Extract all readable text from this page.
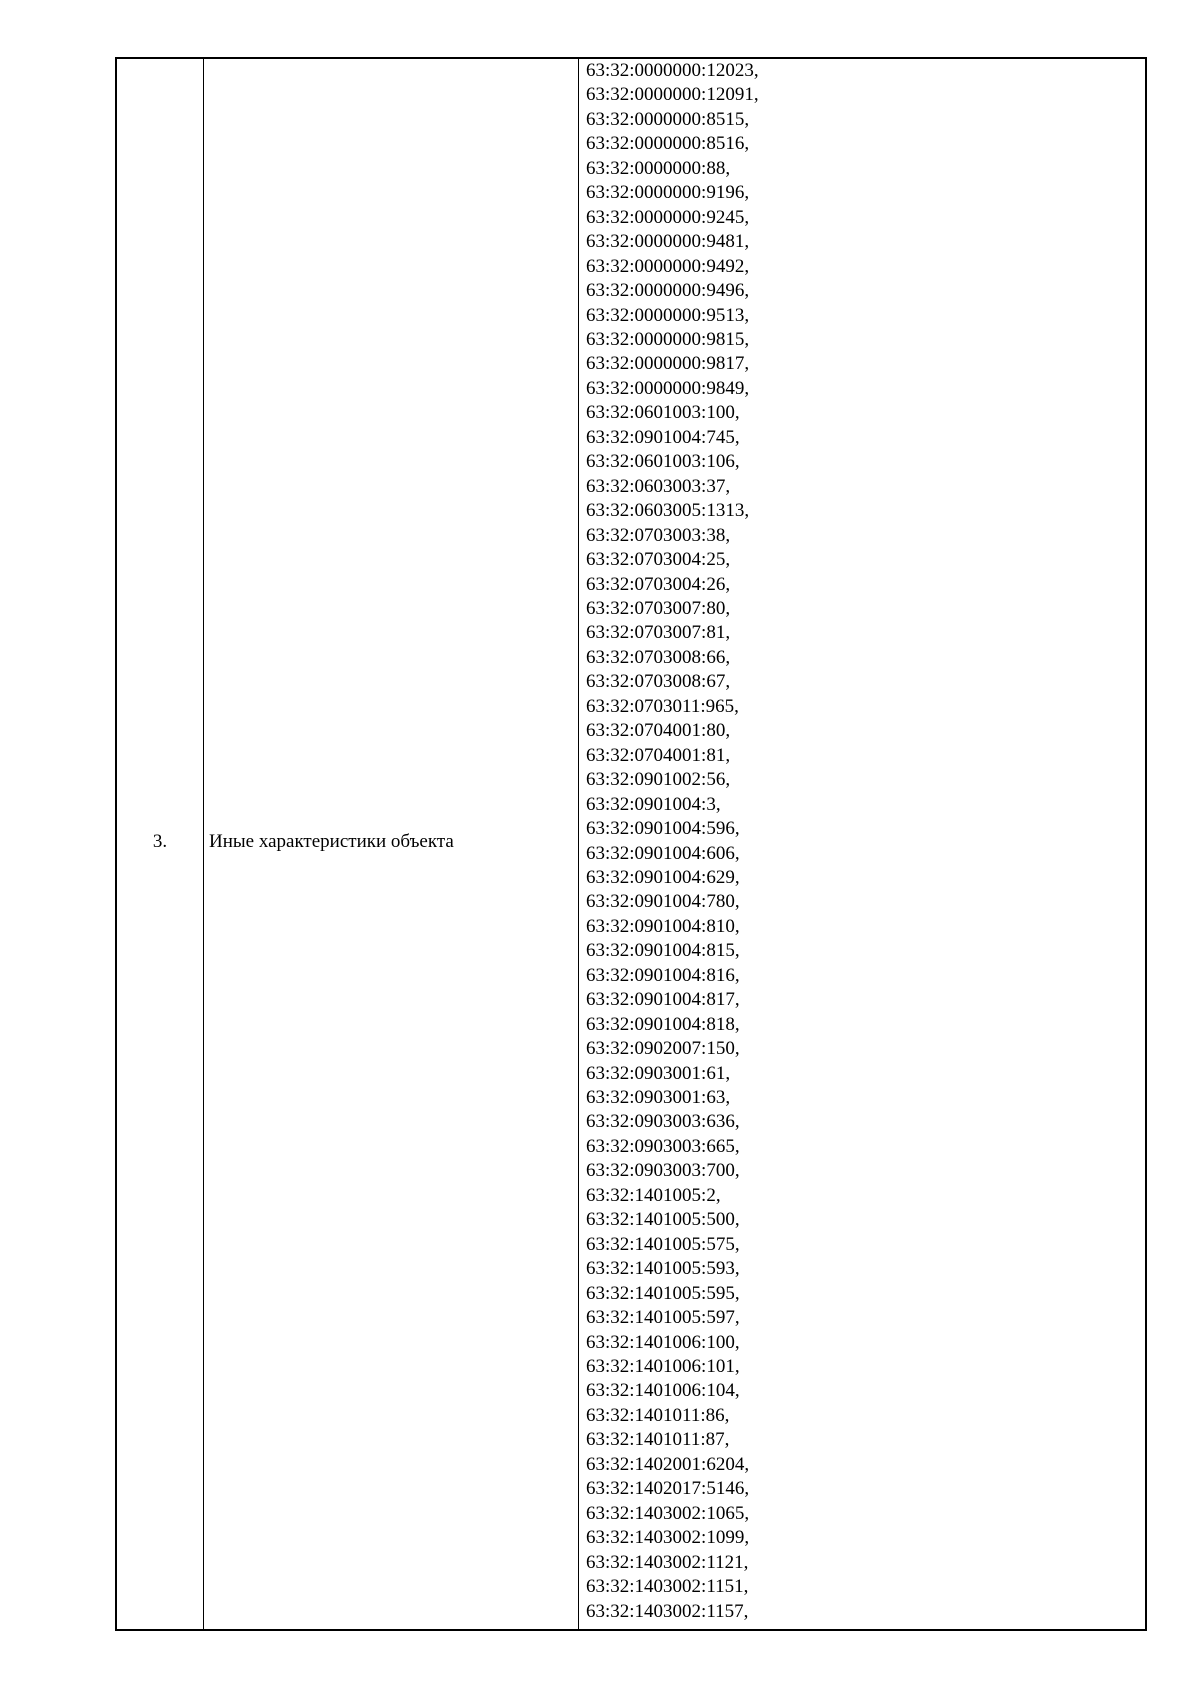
3.	Иные характеристики объекта
63:32:0000000:12023,
63:32:0000000:12091,
63:32:0000000:8515,
63:32:0000000:8516,
63:32:0000000:88,
63:32:0000000:9196,
63:32:0000000:9245,
63:32:0000000:9481,
63:32:0000000:9492,
63:32:0000000:9496,
63:32:0000000:9513,
63:32:0000000:9815,
63:32:0000000:9817,
63:32:0000000:9849,
63:32:0601003:100,
63:32:0901004:745,
63:32:0601003:106,
63:32:0603003:37,
63:32:0603005:1313,
63:32:0703003:38,
63:32:0703004:25,
63:32:0703004:26,
63:32:0703007:80,
63:32:0703007:81,
63:32:0703008:66,
63:32:0703008:67,
63:32:0703011:965,
63:32:0704001:80,
63:32:0704001:81,
63:32:0901002:56,
63:32:0901004:3,
63:32:0901004:596,
63:32:0901004:606,
63:32:0901004:629,
63:32:0901004:780,
63:32:0901004:810,
63:32:0901004:815,
63:32:0901004:816,
63:32:0901004:817,
63:32:0901004:818,
63:32:0902007:150,
63:32:0903001:61,
63:32:0903001:63,
63:32:0903003:636,
63:32:0903003:665,
63:32:0903003:700,
63:32:1401005:2,
63:32:1401005:500,
63:32:1401005:575,
63:32:1401005:593,
63:32:1401005:595,
63:32:1401005:597,
63:32:1401006:100,
63:32:1401006:101,
63:32:1401006:104,
63:32:1401011:86,
63:32:1401011:87,
63:32:1402001:6204,
63:32:1402017:5146,
63:32:1403002:1065,
63:32:1403002:1099,
63:32:1403002:1121,
63:32:1403002:1151,
63:32:1403002:1157,
